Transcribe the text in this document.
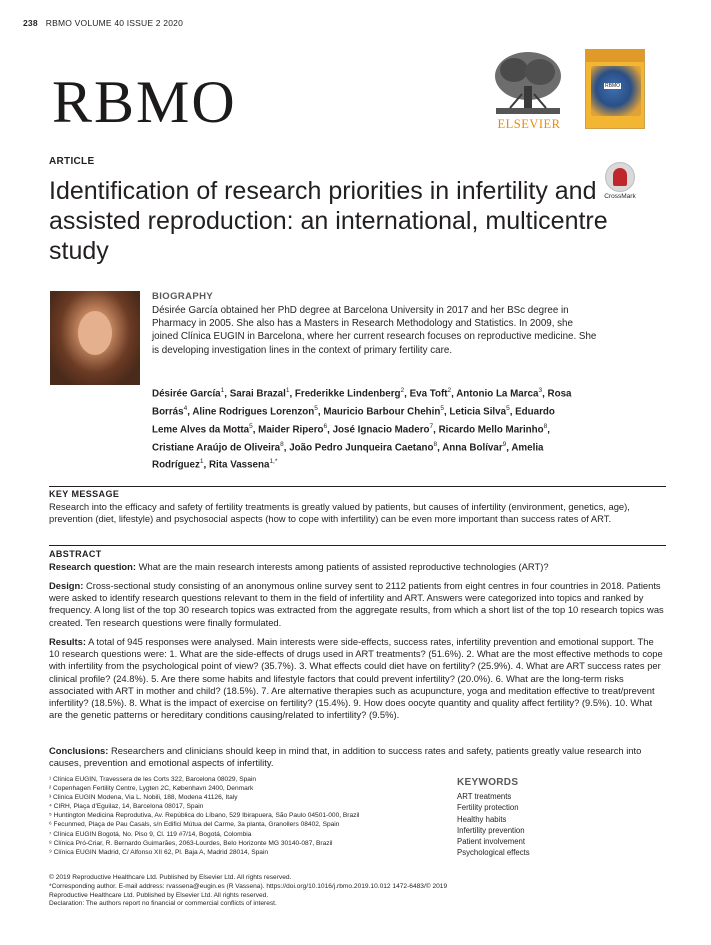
238 RBMO VOLUME 40 ISSUE 2 2020
RBMO	ELSEVIER
RBMO
ARTICLE
CrossMark
Identification of research priorities in infertility and assisted reproduction: an international, multicentre study
BIOGRAPHY
Désirée García obtained her PhD degree at Barcelona University in 2017 and her BSc degree in Pharmacy in 2005. She also has a Masters in Research Methodology and Statistics. In 2009, she joined Clínica EUGIN in Barcelona, where her current research focuses on reproductive medicine. She is developing investigation lines in the context of primary fertility care.
Désirée García$^1$, Sarai Brazal$^1$, Frederikke Lindenberg$^2$, Eva Toft$^2$, Antonio La Marca$^3$, Rosa Borrás$^4$, Aline Rodrigues Lorenzon$^5$, Mauricio Barbour Chehin$^5$, Leticia Silva$^5$, Eduardo Leme Alves da Motta$^5$, Maider Ripero$^6$, José Ignacio Madero$^7$, Ricardo Mello Marinho$^8$, Cristiane Araújo de Oliveira$^8$, João Pedro Junqueira Caetano$^8$, Anna Bolívar$^9$, Amelia Rodríguez$^1$, Rita Vassena$^{1,*}$
KEY MESSAGE
Research into the efficacy and safety of fertility treatments is greatly valued by patients, but causes of infertility (environment, genetics, age), prevention (diet, lifestyle) and psychosocial aspects (how to cope with infertility) can be even more important than success rates of ART.
ABSTRACT
Research question: What are the main research interests among patients of assisted reproductive technologies (ART)?
Design: Cross-sectional study consisting of an anonymous online survey sent to 2112 patients from eight centres in four countries in 2018. Patients were asked to identify research questions relevant to them in the field of infertility and ART. Answers were categorized into topics and ranked by frequency. A long list of the top 30 research topics was extracted from the aggregate results, from which a short list of the top 10 research topics was created. Ten research questions were finally formulated.
Results: A total of 945 responses were analysed. Main interests were side-effects, success rates, infertility prevention and emotional support. The 10 research questions were: 1. What are the side-effects of drugs used in ART treatments? (51.6%). 2. What are the most effective methods to cope with infertility from the psychological point of view? (35.7%). 3. What effects could diet have on fertility? (25.9%). 4. What are ART success rates per clinical profile? (24.8%). 5. Are there some habits and lifestyle factors that could prevent infertility? (20.0%). 6. What are the long-term risks associated with ART in mother and child? (18.5%). 7. Are alternative therapies such as acupuncture, yoga and meditation effective to treat/prevent infertility? (18.5%). 8. What is the impact of exercise on fertility? (15.4%). 9. How does oocyte quantity and quality affect fertility? (9.5%). 10. What are the genetic patterns or hereditary conditions causing/related to infertility? (9.5%).
Conclusions: Researchers and clinicians should keep in mind that, in addition to success rates and safety, patients greatly value research into causes, prevention and emotional aspects of infertility.
¹ Clínica EUGIN, Travessera de les Corts 322, Barcelona 08029, Spain
² Copenhagen Fertility Centre, Lygten 2C, København 2400, Denmark
³ Clinica EUGIN Modena, Via L. Nobili, 188, Modena 41126, Italy
⁴ CIRH, Plaça d'Eguilaz, 14, Barcelona 08017, Spain
⁵ Huntington Medicina Reprodutiva, Av. República do Líbano, 529 Ibirapuera, São Paulo 04501-000, Brazil
⁶ Fecunmed, Plaça de Pau Casals, s/n Edifici Mútua del Carme, 3a planta, Granollers 08402, Spain
⁷ Clínica EUGIN Bogotá, No. Piso 9, Cl. 119 #7/14, Bogotá, Colombia
⁸ Clínica Pró-Criar, R. Bernardo Guimarães, 2063-Lourdes, Belo Horizonte MG 30140-087, Brazil
⁹ Clínica EUGIN Madrid, C/ Alfonso XII 62, Pl. Baja A, Madrid 28014, Spain
KEYWORDS
ART treatments
Fertility protection
Healthy habits
Infertility prevention
Patient involvement
Psychological effects
© 2019 Reproductive Healthcare Ltd. Published by Elsevier Ltd. All rights reserved.
*Corresponding author. E-mail address: rvassena@eugin.es (R Vassena). https://doi.org/10.1016/j.rbmo.2019.10.012 1472-6483/© 2019 Reproductive Healthcare Ltd. Published by Elsevier Ltd. All rights reserved.
Declaration: The authors report no financial or commercial conflicts of interest.
